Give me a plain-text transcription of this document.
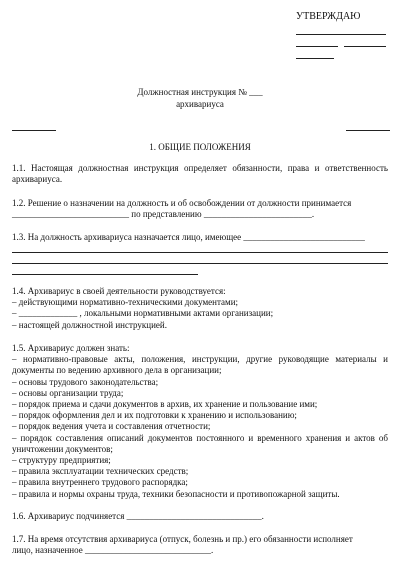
УТВЕРЖДАЮ
Должностная инструкция № ___
архивариуса
1. ОБЩИЕ ПОЛОЖЕНИЯ
1.1. Настоящая должностная инструкция определяет обязанности, права и ответственность архивариуса.
1.2. Решение о назначении на должность и об освобождении от должности принимается
__________________________ по представлению ________________________.
1.3. На должность архивариуса назначается лицо, имеющее ___________________________
1.4. Архивариус в своей деятельности руководствуется:
– действующими нормативно-техническими документами;
– _____________ , локальными нормативными актами организации;
– настоящей должностной инструкцией.
1.5. Архивариус должен знать:
– нормативно-правовые акты, положения, инструкции, другие руководящие материалы и документы по ведению архивного дела в организации;
– основы трудового законодательства;
– основы организации труда;
– порядок приема и сдачи документов в архив, их хранение и пользование ими;
– порядок оформления дел и их подготовки к хранению и использованию;
– порядок ведения учета и составления отчетности;
– порядок составления описаний документов постоянного и временного хранения и актов об уничтожении документов;
– структуру предприятия;
– правила эксплуатации технических средств;
– правила внутреннего трудового распорядка;
– правила и нормы охраны труда, техники безопасности и противопожарной защиты.
1.6. Архивариус подчиняется ______________________________.
1.7. На время отсутствия архивариуса (отпуск, болезнь и пр.) его обязанности исполняет
лицо, назначенное ____________________________.
